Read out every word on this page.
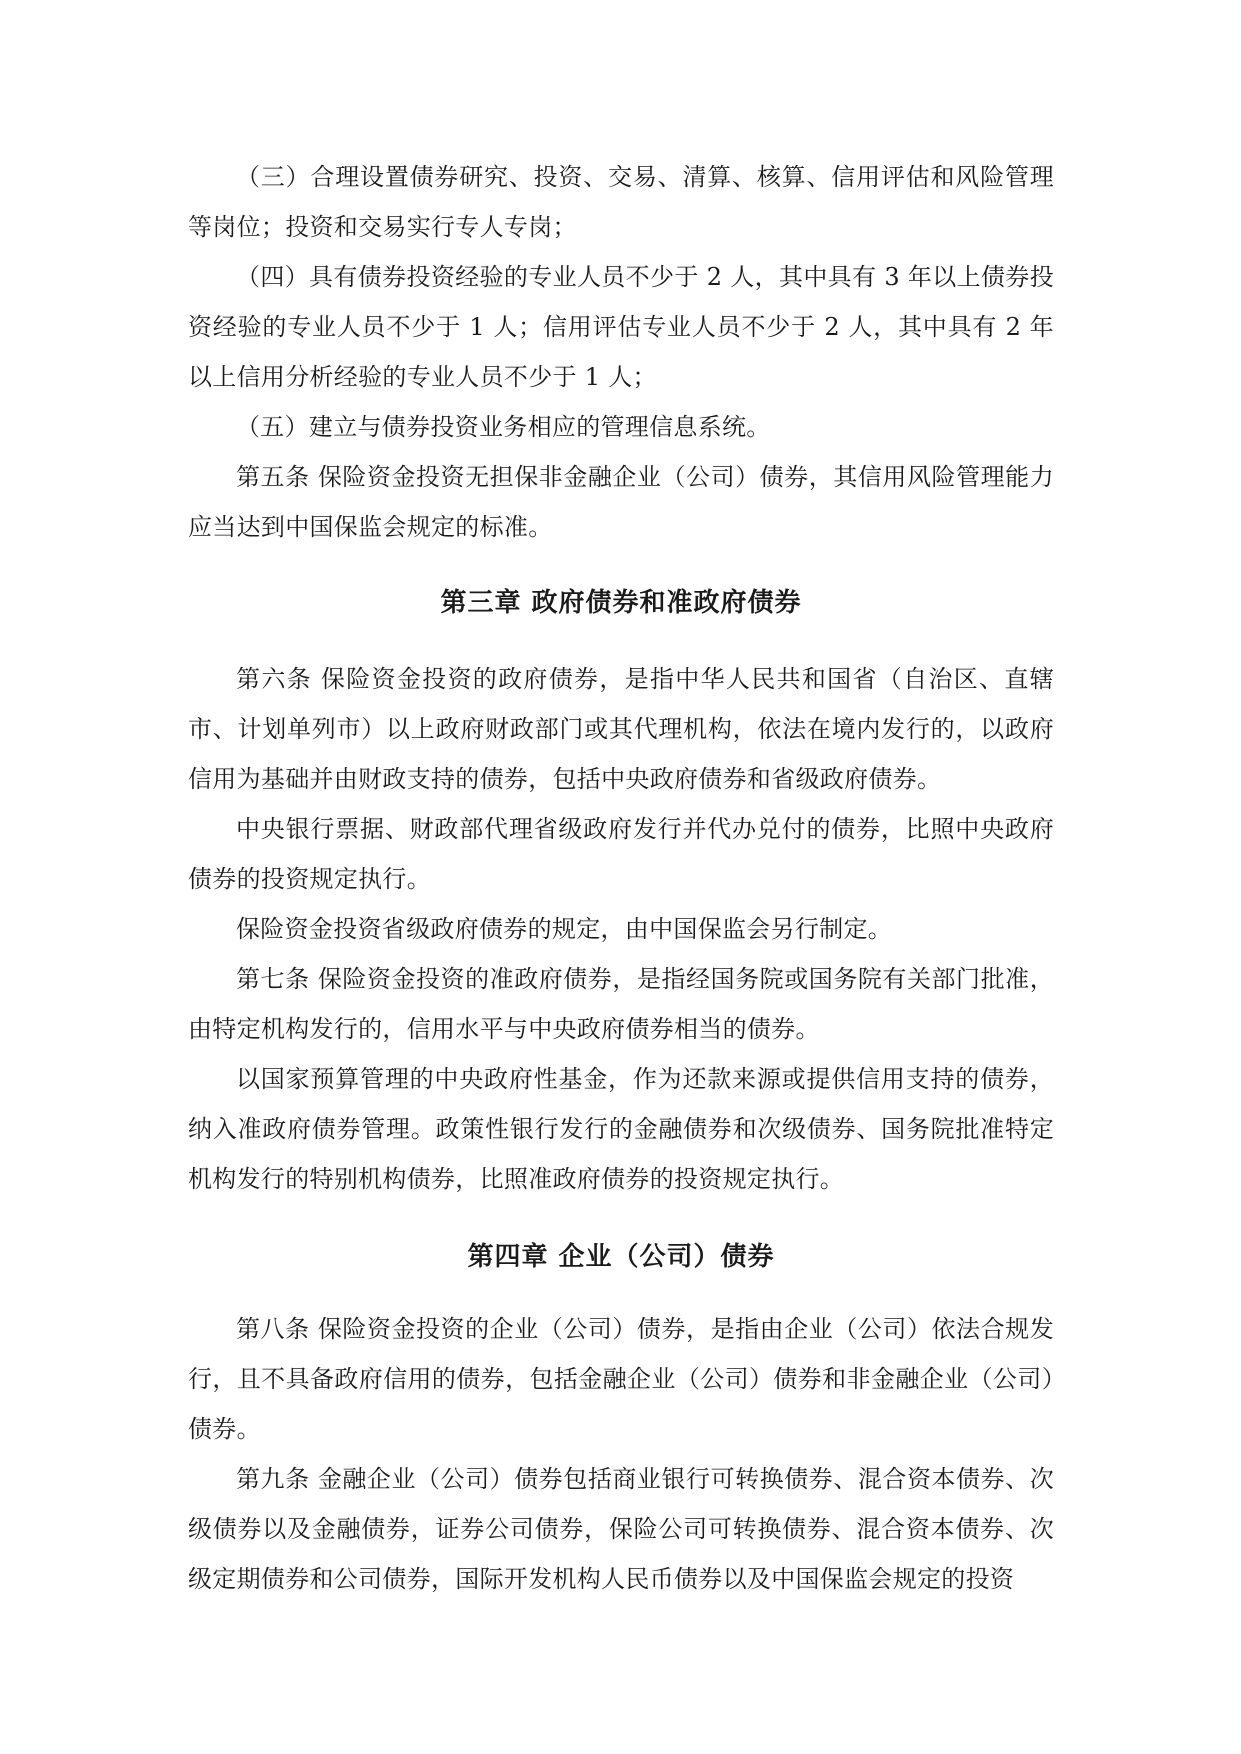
（三）合理设置债券研究、投资、交易、清算、核算、信用评估和风险管理等岗位；投资和交易实行专人专岗；

（四）具有债券投资经验的专业人员不少于 2 人，其中具有 3 年以上债券投资经验的专业人员不少于 1 人；信用评估专业人员不少于 2 人，其中具有 2 年以上信用分析经验的专业人员不少于 1 人；

（五）建立与债券投资业务相应的管理信息系统。

第五条 保险资金投资无担保非金融企业（公司）债券，其信用风险管理能力应当达到中国保监会规定的标准。

第三章 政府债券和准政府债券

第六条 保险资金投资的政府债券，是指中华人民共和国省（自治区、直辖市、计划单列市）以上政府财政部门或其代理机构，依法在境内发行的，以政府信用为基础并由财政支持的债券，包括中央政府债券和省级政府债券。

中央银行票据、财政部代理省级政府发行并代办兑付的债券，比照中央政府债券的投资规定执行。

保险资金投资省级政府债券的规定，由中国保监会另行制定。

第七条 保险资金投资的准政府债券，是指经国务院或国务院有关部门批准，由特定机构发行的，信用水平与中央政府债券相当的债券。

以国家预算管理的中央政府性基金，作为还款来源或提供信用支持的债券，纳入准政府债券管理。政策性银行发行的金融债券和次级债券、国务院批准特定机构发行的特别机构债券，比照准政府债券的投资规定执行。

第四章 企业（公司）债券

第八条 保险资金投资的企业（公司）债券，是指由企业（公司）依法合规发行，且不具备政府信用的债券，包括金融企业（公司）债券和非金融企业（公司）债券。

第九条 金融企业（公司）债券包括商业银行可转换债券、混合资本债券、次级债券以及金融债券，证券公司债券，保险公司可转换债券、混合资本债券、次级定期债券和公司债券，国际开发机构人民币债券以及中国保监会规定的投资
